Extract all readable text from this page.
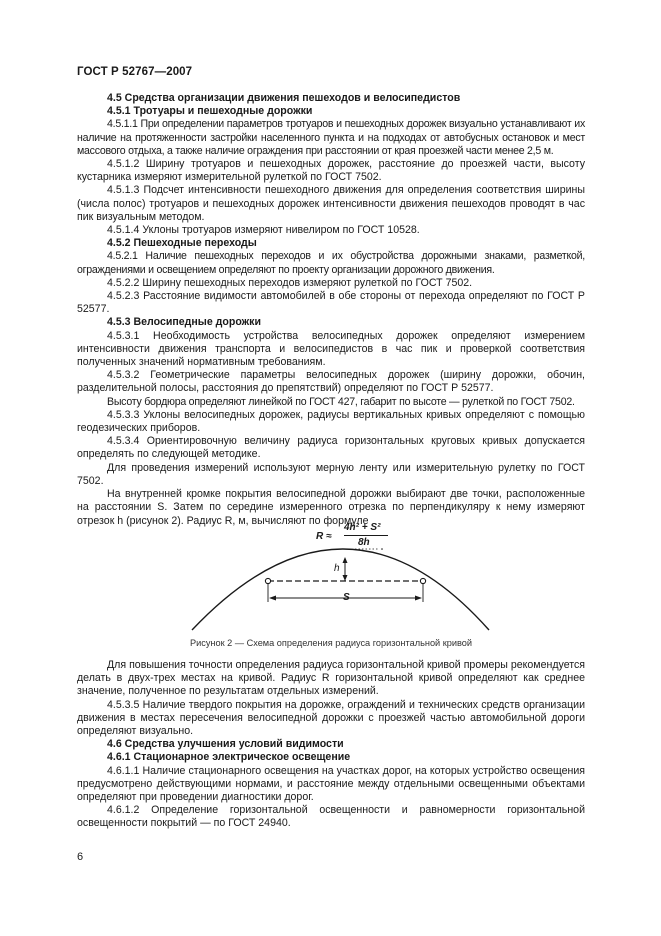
ГОСТ Р 52767—2007

4.5 Средства организации движения пешеходов и велосипедистов

4.5.1 Тротуары и пешеходные дорожки

4.5.1.1 При определении параметров тротуаров и пешеходных дорожек визуально устанавливают их наличие на протяженности застройки населенного пункта и на подходах от автобусных остановок и мест массового отдыха, а также наличие ограждения при расстоянии от края проезжей части менее 2,5 м.

4.5.1.2 Ширину тротуаров и пешеходных дорожек, расстояние до проезжей части, высоту кустарника измеряют измерительной рулеткой по ГОСТ 7502.

4.5.1.3 Подсчет интенсивности пешеходного движения для определения соответствия ширины (числа полос) тротуаров и пешеходных дорожек интенсивности движения пешеходов проводят в час пик визуальным методом.

4.5.1.4 Уклоны тротуаров измеряют нивелиром по ГОСТ 10528.

4.5.2 Пешеходные переходы

4.5.2.1 Наличие пешеходных переходов и их обустройства дорожными знаками, разметкой, ограждениями и освещением определяют по проекту организации дорожного движения.

4.5.2.2 Ширину пешеходных переходов измеряют рулеткой по ГОСТ 7502.

4.5.2.3 Расстояние видимости автомобилей в обе стороны от перехода определяют по ГОСТ Р 52577.

4.5.3 Велосипедные дорожки

4.5.3.1 Необходимость устройства велосипедных дорожек определяют измерением интенсивности движения транспорта и велосипедистов в час пик и проверкой соответствия полученных значений нормативным требованиям.

4.5.3.2 Геометрические параметры велосипедных дорожек (ширину дорожки, обочин, разделительной полосы, расстояния до препятствий) определяют по ГОСТ Р 52577.

Высоту бордюра определяют линейкой по ГОСТ 427, габарит по высоте — рулеткой по ГОСТ 7502.

4.5.3.3 Уклоны велосипедных дорожек, радиусы вертикальных кривых определяют с помощью геодезических приборов.

4.5.3.4 Ориентировочную величину радиуса горизонтальных круговых кривых допускается определять по следующей методике.

Для проведения измерений используют мерную ленту или измерительную рулетку по ГОСТ 7502.

На внутренней кромке покрытия велосипедной дорожки выбирают две точки, расположенные на расстоянии S. Затем по середине измеренного отрезка по перпендикуляру к нему измеряют отрезок h (рисунок 2). Радиус R, м, вычисляют по формуле

R ≈
4h² + S²
8h
h
S
Рисунок 2 — Схема определения радиуса горизонтальной кривой

Для повышения точности определения радиуса горизонтальной кривой промеры рекомендуется делать в двух-трех местах на кривой. Радиус R горизонтальной кривой определяют как среднее значение, полученное по результатам отдельных измерений.

4.5.3.5 Наличие твердого покрытия на дорожке, ограждений и технических средств организации движения в местах пересечения велосипедной дорожки с проезжей частью автомобильной дороги определяют визуально.

4.6 Средства улучшения условий видимости

4.6.1 Стационарное электрическое освещение

4.6.1.1 Наличие стационарного освещения на участках дорог, на которых устройство освещения предусмотрено действующими нормами, и расстояние между отдельными освещенными объектами определяют при проведении диагностики дорог.

4.6.1.2 Определение горизонтальной освещенности и равномерности горизонтальной освещенности покрытий — по ГОСТ 24940.

6
